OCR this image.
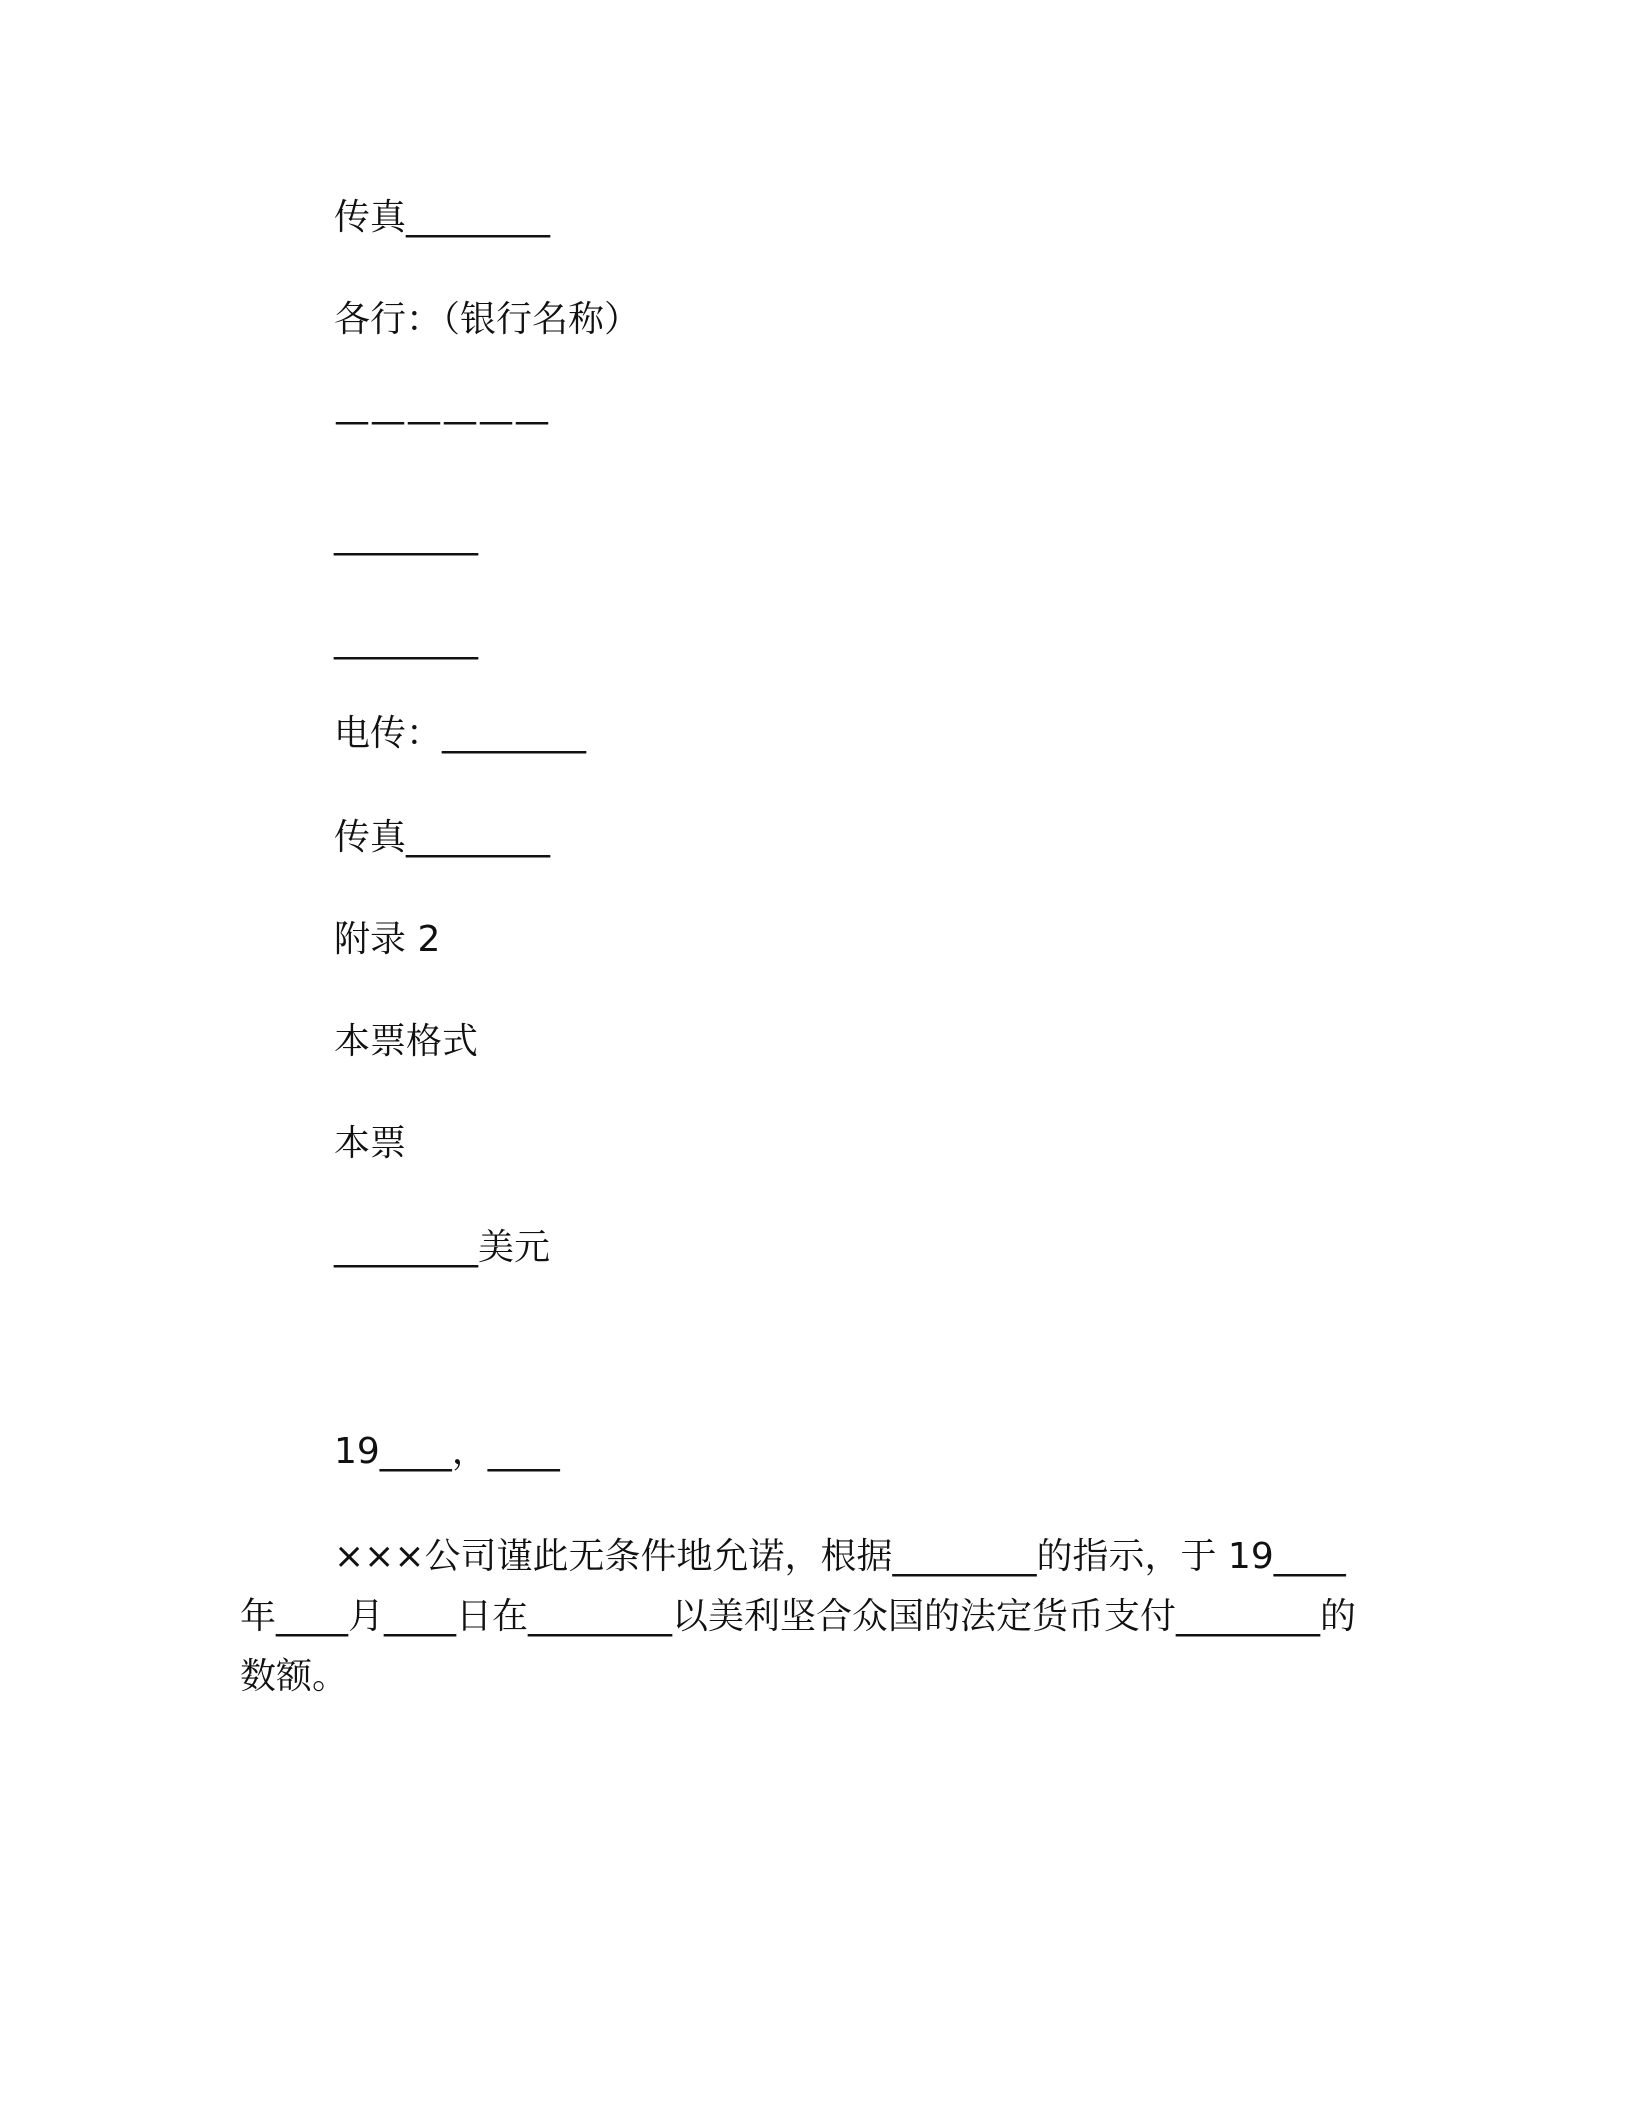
传真________
各行：（银行名称）
——————
________
________
电传：________
传真________
附录 2
本票格式
本票
________美元
19____，____
×××公司谨此无条件地允诺，根据________的指示，于 19____年____月____日在________以美利坚合众国的法定货币支付________的数额。
